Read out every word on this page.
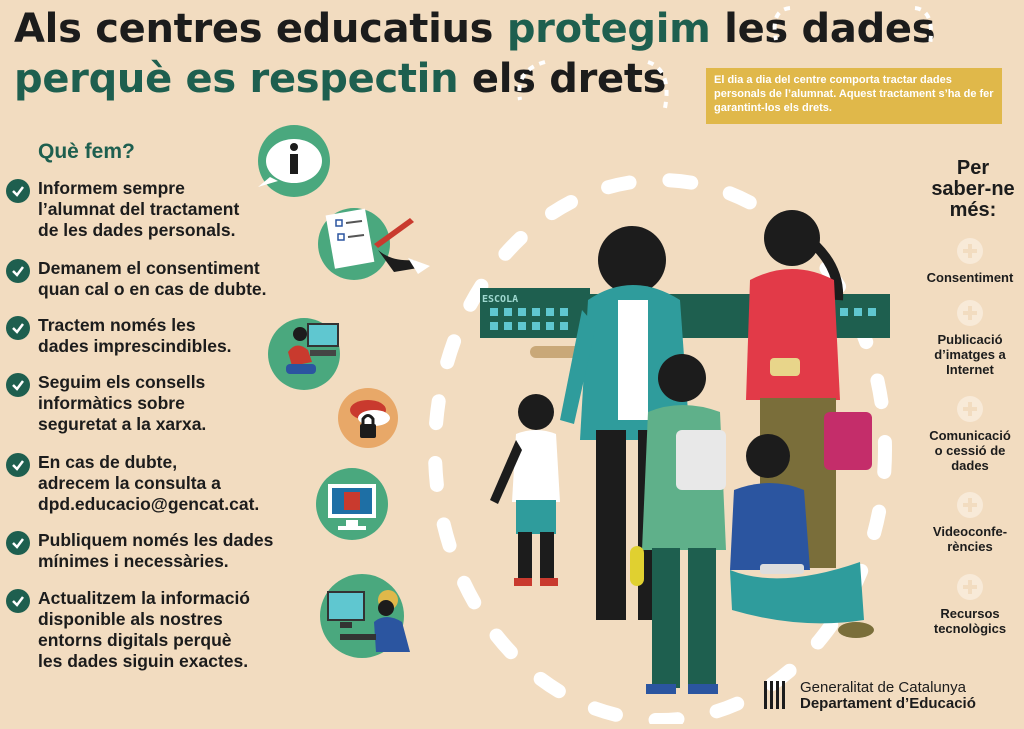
Als centres educatius protegim les dades
perquè es respectin els drets	El dia a dia del centre comporta tractar dades personals de l’alumnat. Aquest tractament s’ha de fer garantint-los els drets.
Què fem?
Informem sempre
l’alumnat del tractament
de les dades personals.
Demanem el consentiment
quan cal o en cas de dubte.
Tractem només les
dades imprescindibles.
Seguim els consells
informàtics sobre
seguretat a la xarxa.
En cas de dubte,
adrecem la consulta a
dpd.educacio@gencat.cat.
Publiquem només les dades
mínimes i necessàries.
Actualitzem la informació
disponible als nostres
entorns digitals perquè
les dades siguin exactes.
ESCOLA
Per
saber-ne
més:
Consentiment
Publicació
d’imatges a
Internet
Comunicació
o cessió de
dades
Videoconfe-
rències
Recursos
tecnològics
Generalitat de Catalunya
Departament d’Educació
